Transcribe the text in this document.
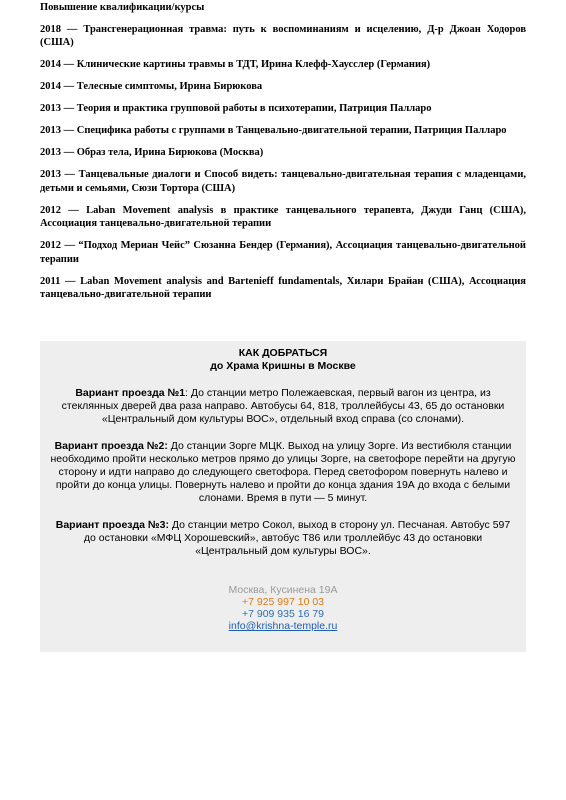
Повышение квалификации/курсы

2018 — Трансгенерационная травма: путь к воспоминаниям и исцелению, Д-р Джоан Ходоров (США)

2014 — Клинические картины травмы в ТДТ, Ирина Клефф-Хаусслер (Германия)

2014 — Телесные симптомы, Ирина Бирюкова

2013 — Теория и практика групповой работы в психотерапии, Патриция Палларо

2013 — Специфика работы с группами в Танцевально-двигательной терапии, Патриция Палларо

2013 — Образ тела, Ирина Бирюкова (Москва)

2013 — Танцевальные диалоги и Способ видеть: танцевально-двигательная терапия с младенцами, детьми и семьями, Сюзи Тортора (США)

2012 — Laban Movement analysis в практике танцевального терапевта, Джуди Ганц (США), Ассоциация танцевально-двигательной терапии

2012 — “Подход Мериан Чейс” Сюзанна Бендер (Германия), Ассоциация танцевально-двигательной терапии

2011 — Laban Movement analysis and Bartenieff fundamentals, Хилари Брайан (США), Ассоциация танцевально-двигательной терапии

КАК ДОБРАТЬСЯ

до Храма Кришны в Москве

Вариант проезда №1: До станции метро Полежаевская, первый вагон из центра, из стеклянных дверей два раза направо. Автобусы 64, 818, троллейбусы 43, 65 до остановки «Центральный дом культуры ВОС», отдельный вход справа (со слонами).

Вариант проезда №2: До станции Зорге МЦК. Выход на улицу Зорге. Из вестибюля станции необходимо пройти несколько метров прямо до улицы Зорге, на светофоре перейти на другую сторону и идти направо до следующего светофора. Перед светофором повернуть налево и пройти до конца улицы. Повернуть налево и пройти до конца здания 19А до входа с белыми слонами. Время в пути — 5 минут.

Вариант проезда №3: До станции метро Сокол, выход в сторону ул. Песчаная. Автобус 597 до остановки «МФЦ Хорошевский», автобус Т86 или троллейбус 43 до остановки «Центральный дом культуры ВОС».

Москва, Кусинена 19А
+7 925 997 10 03
+7 909 935 16 79
info@krishna-temple.ru
